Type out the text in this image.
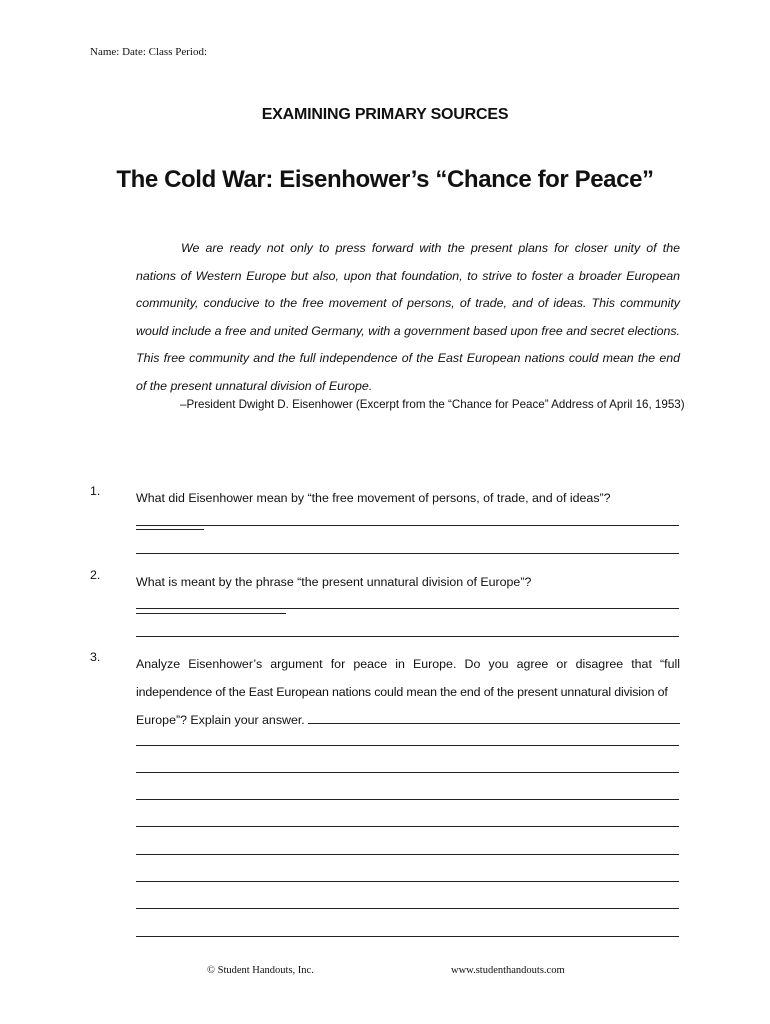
Name: Date: Class Period:
EXAMINING PRIMARY SOURCES
The Cold War: Eisenhower’s “Chance for Peace”

We are ready not only to press forward with the present plans for closer unity of the nations of Western Europe but also, upon that foundation, to strive to foster a broader European community, conducive to the free movement of persons, of trade, and of ideas. This community would include a free and united Germany, with a government based upon free and secret elections. This free community and the full independence of the East European nations could mean the end of the present unnatural division of Europe.

–President Dwight D. Eisenhower (Excerpt from the “Chance for Peace” Address of April 16, 1953)
1.	What did Eisenhower mean by “the free movement of persons, of trade, and of ideas”?
2.	What is meant by the phrase “the present unnatural division of Europe”?
3.	Analyze Eisenhower’s argument for peace in Europe. Do you agree or disagree that “full

independence of the East European nations could mean the end of the present unnatural division of

Europe”? Explain your answer.

© Student Handouts, Inc.	www.studenthandouts.com
